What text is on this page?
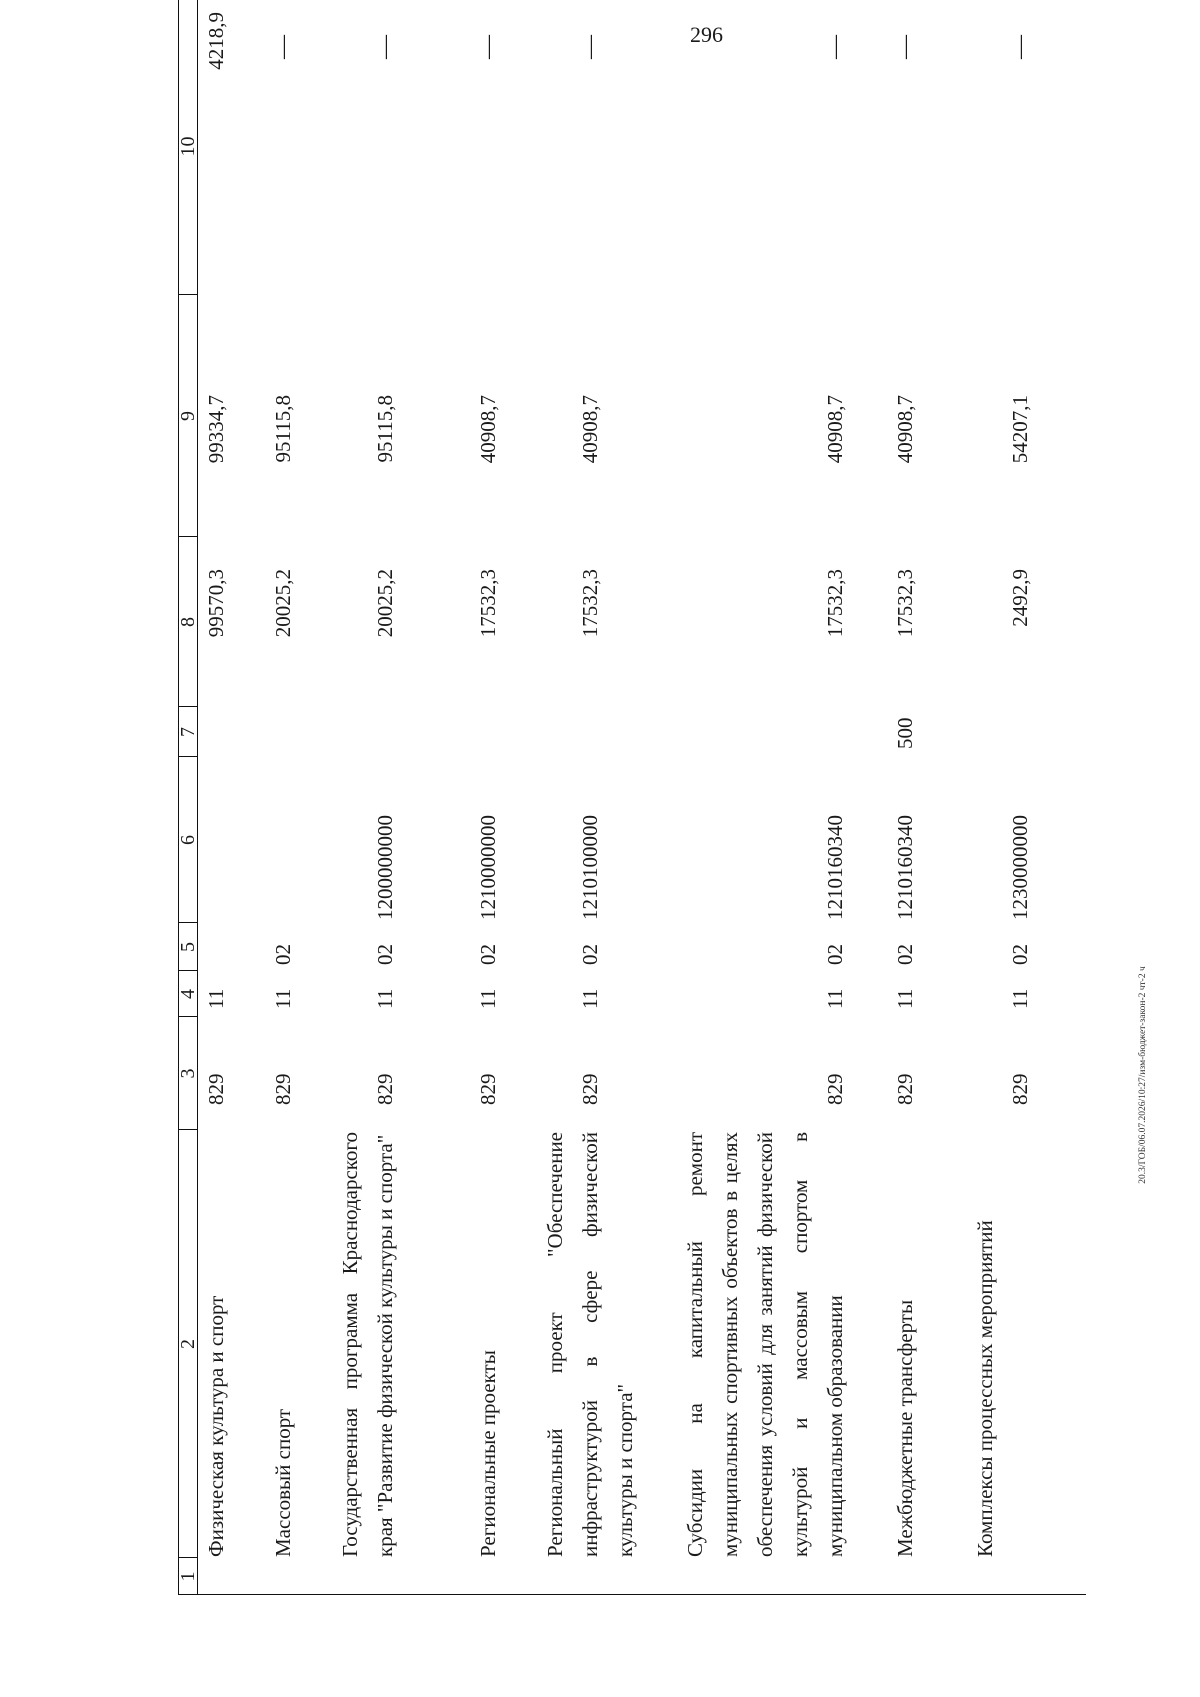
296
20.3/ГОБ/06.07.2026/10:27/изм-бюджет-закон-2 чт-2 ч
1
2
3
4
5
6
7
8
9
10
Физическая культура и спорт
829
11
99570,3
99334,7
4218,9
Массовый спорт
829
11
02
20025,2
95115,8
—
Государственная программа Краснодарского края "Развитие физической культуры и спорта"
829
11
02
1200000000
20025,2
95115,8
—
Региональные проекты
829
11
02
1210000000
17532,3
40908,7
—
Региональный проект "Обеспечение инфраструктурой в сфере физической культуры и спорта"
829
11
02
1210100000
17532,3
40908,7
—
Субсидии на капитальный ремонт муниципальных спортивных объектов в целях обеспечения условий для занятий физической культурой и массовым спортом в муниципальном образовании
829
11
02
1210160340
17532,3
40908,7
—
Межбюджетные трансферты
829
11
02
1210160340
500
17532,3
40908,7
—
Комплексы процессных мероприятий
829
11
02
1230000000
2492,9
54207,1
—
